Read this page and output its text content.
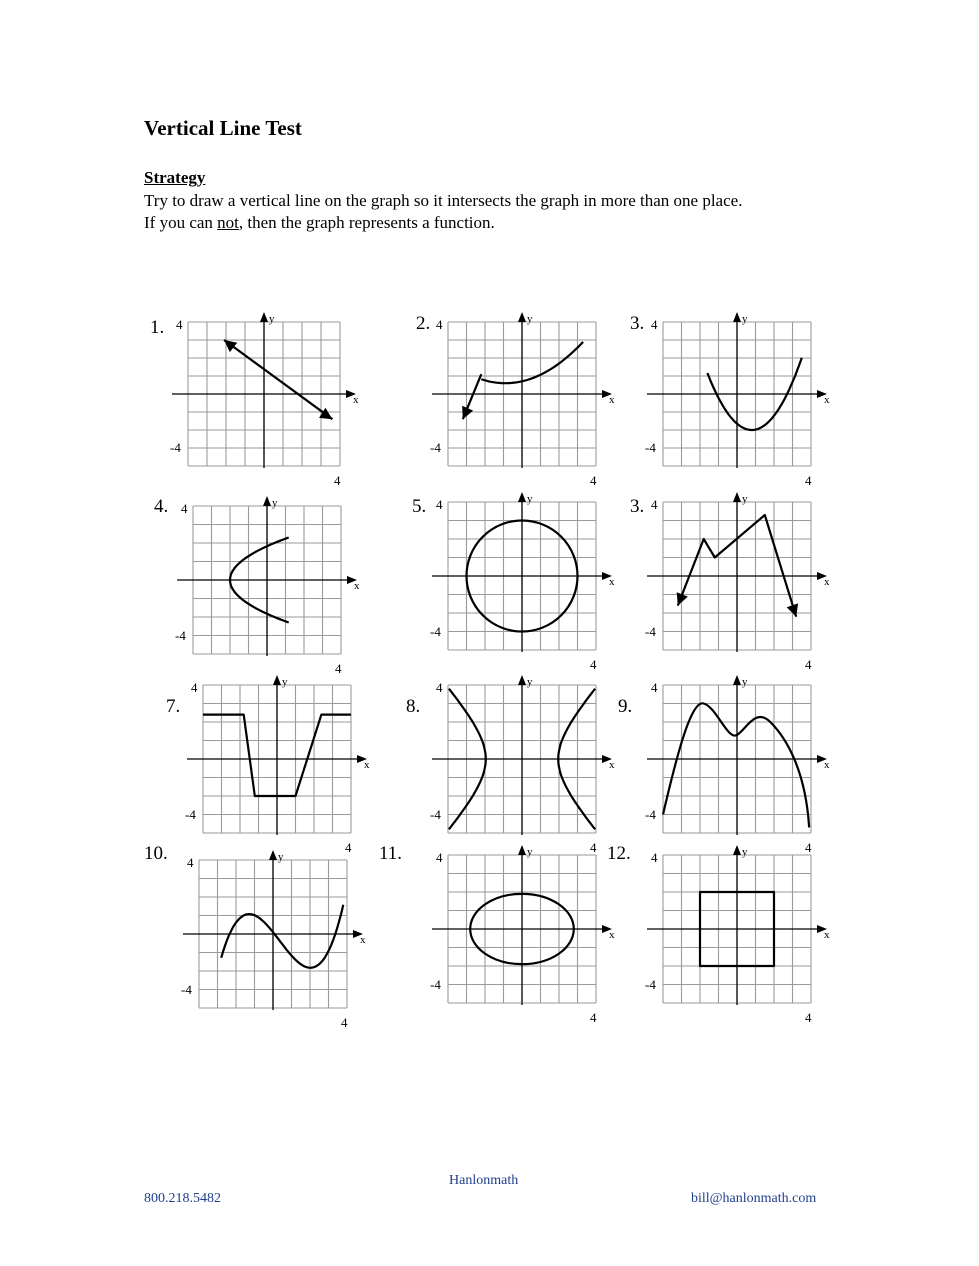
Vertical Line Test
Strategy
Try to draw a vertical line on the graph so it intersects the graph in more than one place.
If you can not, then the graph represents a function.
1. 4
-4
4
x
y	2. 4
-4
4
x
y	3. 4
-4
4
x
y
4. 4
-4
4
x
y	5. 4
-4
4
x
y	3. 4
-4
4
x
y
7.
4
-4
4
x
y
8.
4
-4
4
x
y
9.
4
-4
4
x
y
10. 4
-4
4
x
y	11.	4
-4
4
x
y	12. 4
-4
4
x
y
Hanlonmath
800.218.5482	bill@hanlonmath.com
